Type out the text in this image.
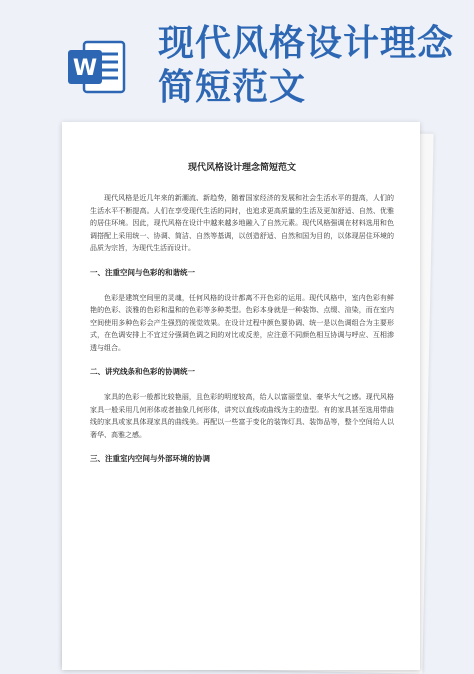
W
现代风格设计理念
简短范文
现代风格设计理念简短范文

现代风格是近几年来的新潮流、新趋势，随着国家经济的发展和社会生活水平的提高，人们的生活水平不断提高。人们在享受现代生活的同时，也追求更高质量的生活及更加舒适、自然、优雅的居住环境。因此，现代风格在设计中越来越多地融入了自然元素。现代风格强调在材料选用和色调搭配上采用统一、协调、简洁、自然等基调，以创造舒适、自然和国为目的，以体现居住环境的品质为宗旨，为现代生活而设计。

一、注重空间与色彩的和谐统一

色彩是建筑空间里的灵魂，任何风格的设计都离不开色彩的运用。现代风格中，室内色彩有鲜艳的色彩、淡雅的色彩和温和的色彩等多种类型。色彩本身就是一种装饰、点缀、渲染，而在室内空间使用多种色彩会产生强烈的视觉效果。在设计过程中颜色要协调、统一是以色调组合为主要形式，在色调安排上不宜过分强调色调之间的对比或反差，应注意不同颜色相互协调与呼应、互相渗透与组合。

二、讲究线条和色彩的协调统一

家具的色彩一般都比较艳丽，且色彩的明度较高，给人以富丽堂皇、豪华大气之感。现代风格家具一般采用几何形体或者抽象几何形体，讲究以直线或曲线为主的造型。有的家具甚至选用带曲线的家具或家具体现家具的曲线美。再配以一些富于变化的装饰灯具、装饰品等，整个空间给人以奢华、高雅之感。

三、注重室内空间与外部环境的协调
